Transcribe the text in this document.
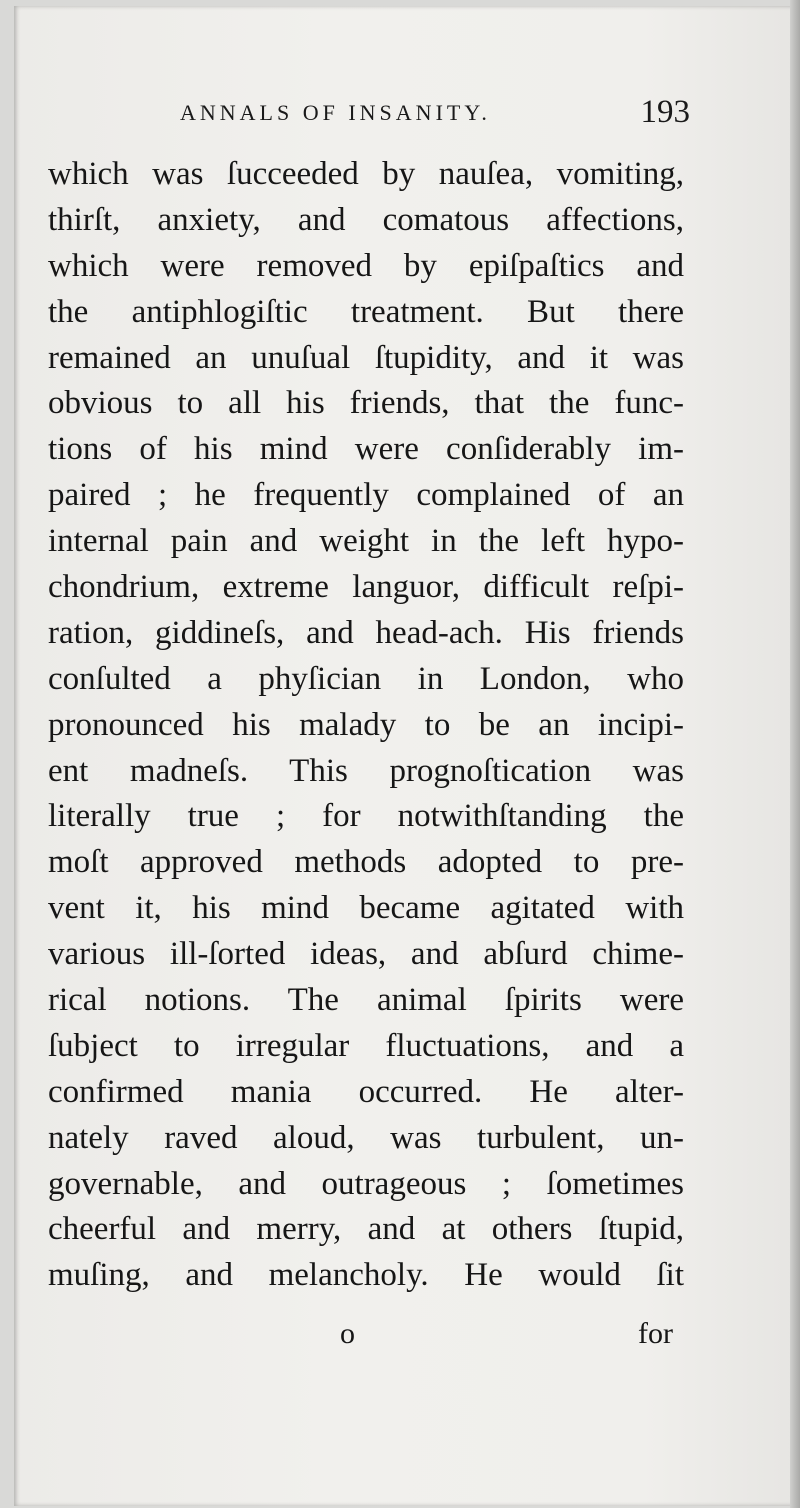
ANNALS OF INSANITY.	193
which was ſucceeded by nauſea, vomiting,
thirſt, anxiety, and comatous affections,
which were removed by epiſpaſtics and
the antiphlogiſtic treatment. But there
remained an unuſual ſtupidity, and it was
obvious to all his friends, that the func-
tions of his mind were conſiderably im-
paired ; he frequently complained of an
internal pain and weight in the left hypo-
chondrium, extreme languor, difficult reſpi-
ration, giddineſs, and head-ach. His friends
conſulted a phyſician in London, who
pronounced his malady to be an incipi-
ent madneſs. This prognoſtication was
literally true ; for notwithſtanding the
moſt approved methods adopted to pre-
vent it, his mind became agitated with
various ill-ſorted ideas, and abſurd chime-
rical notions. The animal ſpirits were
ſubject to irregular fluctuations, and a
confirmed mania occurred. He alter-
nately raved aloud, was turbulent, un-
governable, and outrageous ; ſometimes
cheerful and merry, and at others ſtupid,
muſing, and melancholy. He would ſit
o	for
